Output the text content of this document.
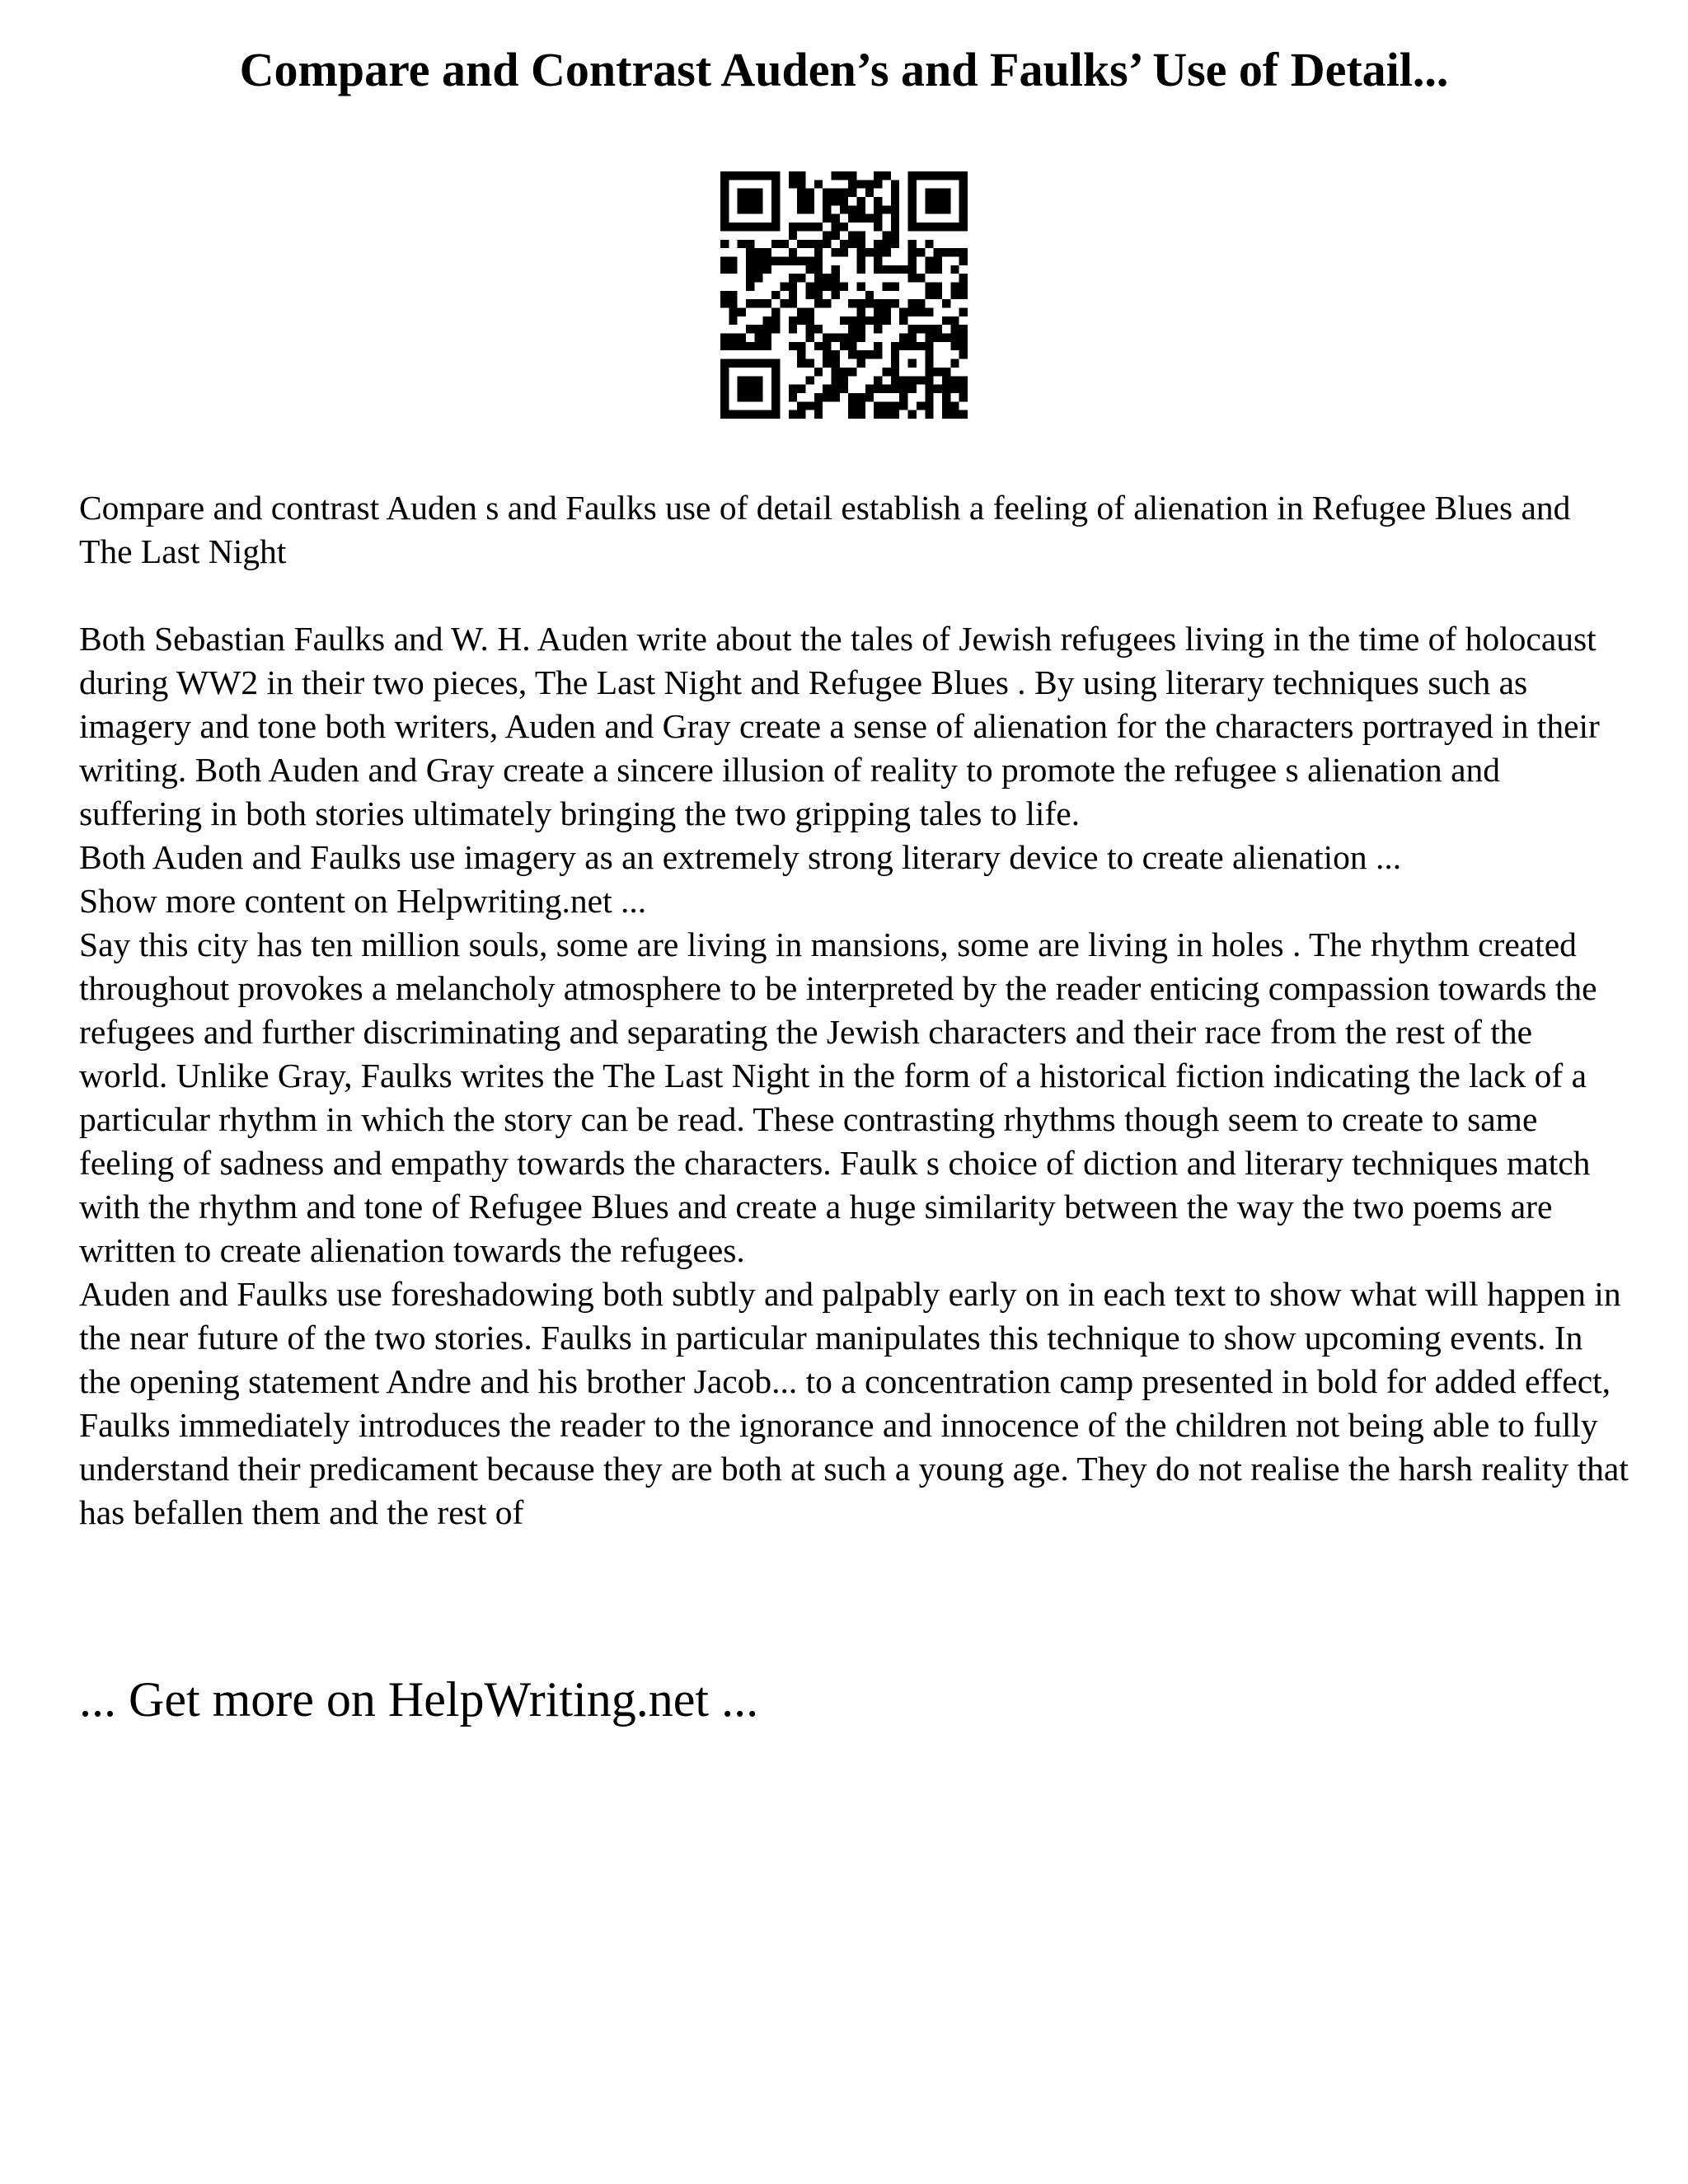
Compare and Contrast Auden’s and Faulks’ Use of Detail...

Compare and contrast Auden s and Faulks use of detail establish a feeling of alienation in Refugee Blues and The Last Night

Both Sebastian Faulks and W. H. Auden write about the tales of Jewish refugees living in the time of holocaust during WW2 in their two pieces, The Last Night and Refugee Blues . By using literary techniques such as imagery and tone both writers, Auden and Gray create a sense of alienation for the characters portrayed in their writing. Both Auden and Gray create a sincere illusion of reality to promote the refugee s alienation and suffering in both stories ultimately bringing the two gripping tales to life.

Both Auden and Faulks use imagery as an extremely strong literary device to create alienation ...

Show more content on Helpwriting.net ...

Say this city has ten million souls, some are living in mansions, some are living in holes . The rhythm created throughout provokes a melancholy atmosphere to be interpreted by the reader enticing compassion towards the refugees and further discriminating and separating the Jewish characters and their race from the rest of the world. Unlike Gray, Faulks writes the The Last Night in the form of a historical fiction indicating the lack of a particular rhythm in which the story can be read. These contrasting rhythms though seem to create to same feeling of sadness and empathy towards the characters. Faulk s choice of diction and literary techniques match with the rhythm and tone of Refugee Blues and create a huge similarity between the way the two poems are written to create alienation towards the refugees.

Auden and Faulks use foreshadowing both subtly and palpably early on in each text to show what will happen in the near future of the two stories. Faulks in particular manipulates this technique to show upcoming events. In the opening statement Andre and his brother Jacob... to a concentration camp presented in bold for added effect, Faulks immediately introduces the reader to the ignorance and innocence of the children not being able to fully understand their predicament because they are both at such a young age. They do not realise the harsh reality that has befallen them and the rest of

... Get more on HelpWriting.net ...
